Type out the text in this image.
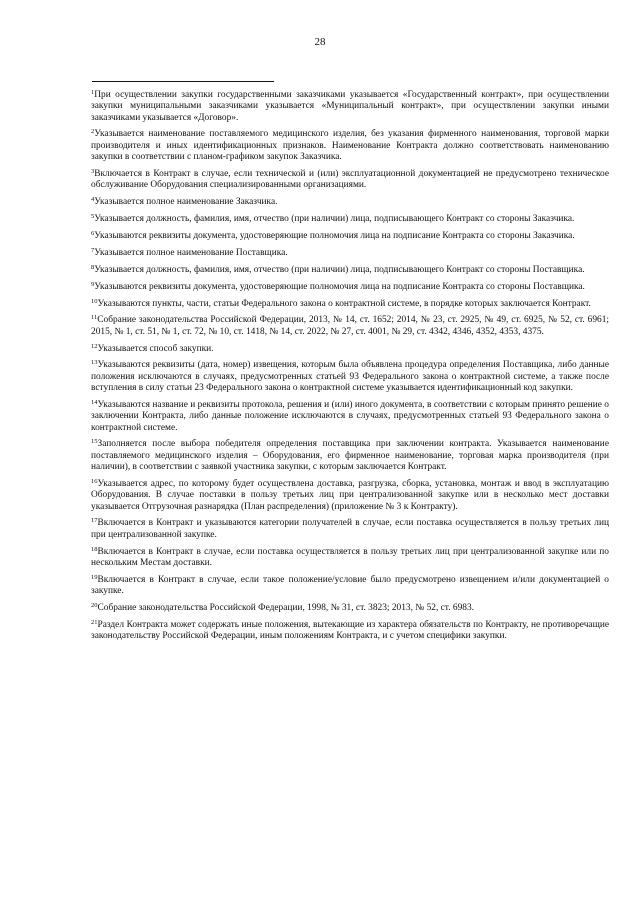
28

$^1$При осуществлении закупки государственными заказчиками указывается «Государственный контракт», при осуществлении закупки муниципальными заказчиками указывается «Муниципальный контракт», при осуществлении закупки иными заказчиками указывается «Договор».

$^2$Указывается наименование поставляемого медицинского изделия, без указания фирменного наименования, торговой марки производителя и иных идентификационных признаков. Наименование Контракта должно соответствовать наименованию закупки в соответствии с планом-графиком закупок Заказчика.

$^3$Включается в Контракт в случае, если технической и (или) эксплуатационной документацией не предусмотрено техническое обслуживание Оборудования специализированными организациями.

$^4$Указывается полное наименование Заказчика.

$^5$Указывается должность, фамилия, имя, отчество (при наличии) лица, подписывающего Контракт со стороны Заказчика.

$^6$Указываются реквизиты документа, удостоверяющие полномочия лица на подписание Контракта со стороны Заказчика.

$^7$Указывается полное наименование Поставщика.

$^8$Указывается должность, фамилия, имя, отчество (при наличии) лица, подписывающего Контракт со стороны Поставщика.

$^9$Указываются реквизиты документа, удостоверяющие полномочия лица на подписание Контракта со стороны Поставщика.

$^{10}$Указываются пункты, части, статьи Федерального закона о контрактной системе, в порядке которых заключается Контракт.

$^{11}$Собрание законодательства Российской Федерации, 2013, № 14, ст. 1652; 2014, № 23, ст. 2925, № 49, ст. 6925, № 52, ст. 6961; 2015, № 1, ст. 51, № 1, ст. 72, № 10, ст. 1418, № 14, ст. 2022, № 27, ст. 4001, № 29, ст. 4342, 4346, 4352, 4353, 4375.

$^{12}$Указывается способ закупки.

$^{13}$Указываются реквизиты (дата, номер) извещения, которым была объявлена процедура определения Поставщика, либо данные положения исключаются в случаях, предусмотренных статьей 93 Федерального закона о контрактной системе, а также после вступления в силу статьи 23 Федерального закона о контрактной системе указывается идентификационный код закупки.

$^{14}$Указываются название и реквизиты протокола, решения и (или) иного документа, в соответствии с которым принято решение о заключении Контракта, либо данные положение исключаются в случаях, предусмотренных статьей 93 Федерального закона о контрактной системе.

$^{15}$Заполняется после выбора победителя определения поставщика при заключении контракта. Указывается наименование поставляемого медицинского изделия – Оборудования, его фирменное наименование, торговая марка производителя (при наличии), в соответствии с заявкой участника закупки, с которым заключается Контракт.

$^{16}$Указывается адрес, по которому будет осуществлена доставка, разгрузка, сборка, установка, монтаж и ввод в эксплуатацию Оборудования. В случае поставки в пользу третьих лиц при централизованной закупке или в несколько мест доставки указывается Отгрузочная разнарядка (План распределения) (приложение № 3 к Контракту).

$^{17}$Включается в Контракт и указываются категории получателей в случае, если поставка осуществляется в пользу третьих лиц при централизованной закупке.

$^{18}$Включается в Контракт в случае, если поставка осуществляется в пользу третьих лиц при централизованной закупке или по нескольким Местам доставки.

$^{19}$Включается в Контракт в случае, если такое положение/условие было предусмотрено извещением и/или документацией о закупке.

$^{20}$Собрание законодательства Российской Федерации, 1998, № 31, ст. 3823; 2013, № 52, ст. 6983.

$^{21}$Раздел Контракта может содержать иные положения, вытекающие из характера обязательств по Контракту, не противоречащие законодательству Российской Федерации, иным положениям Контракта, и с учетом специфики закупки.
